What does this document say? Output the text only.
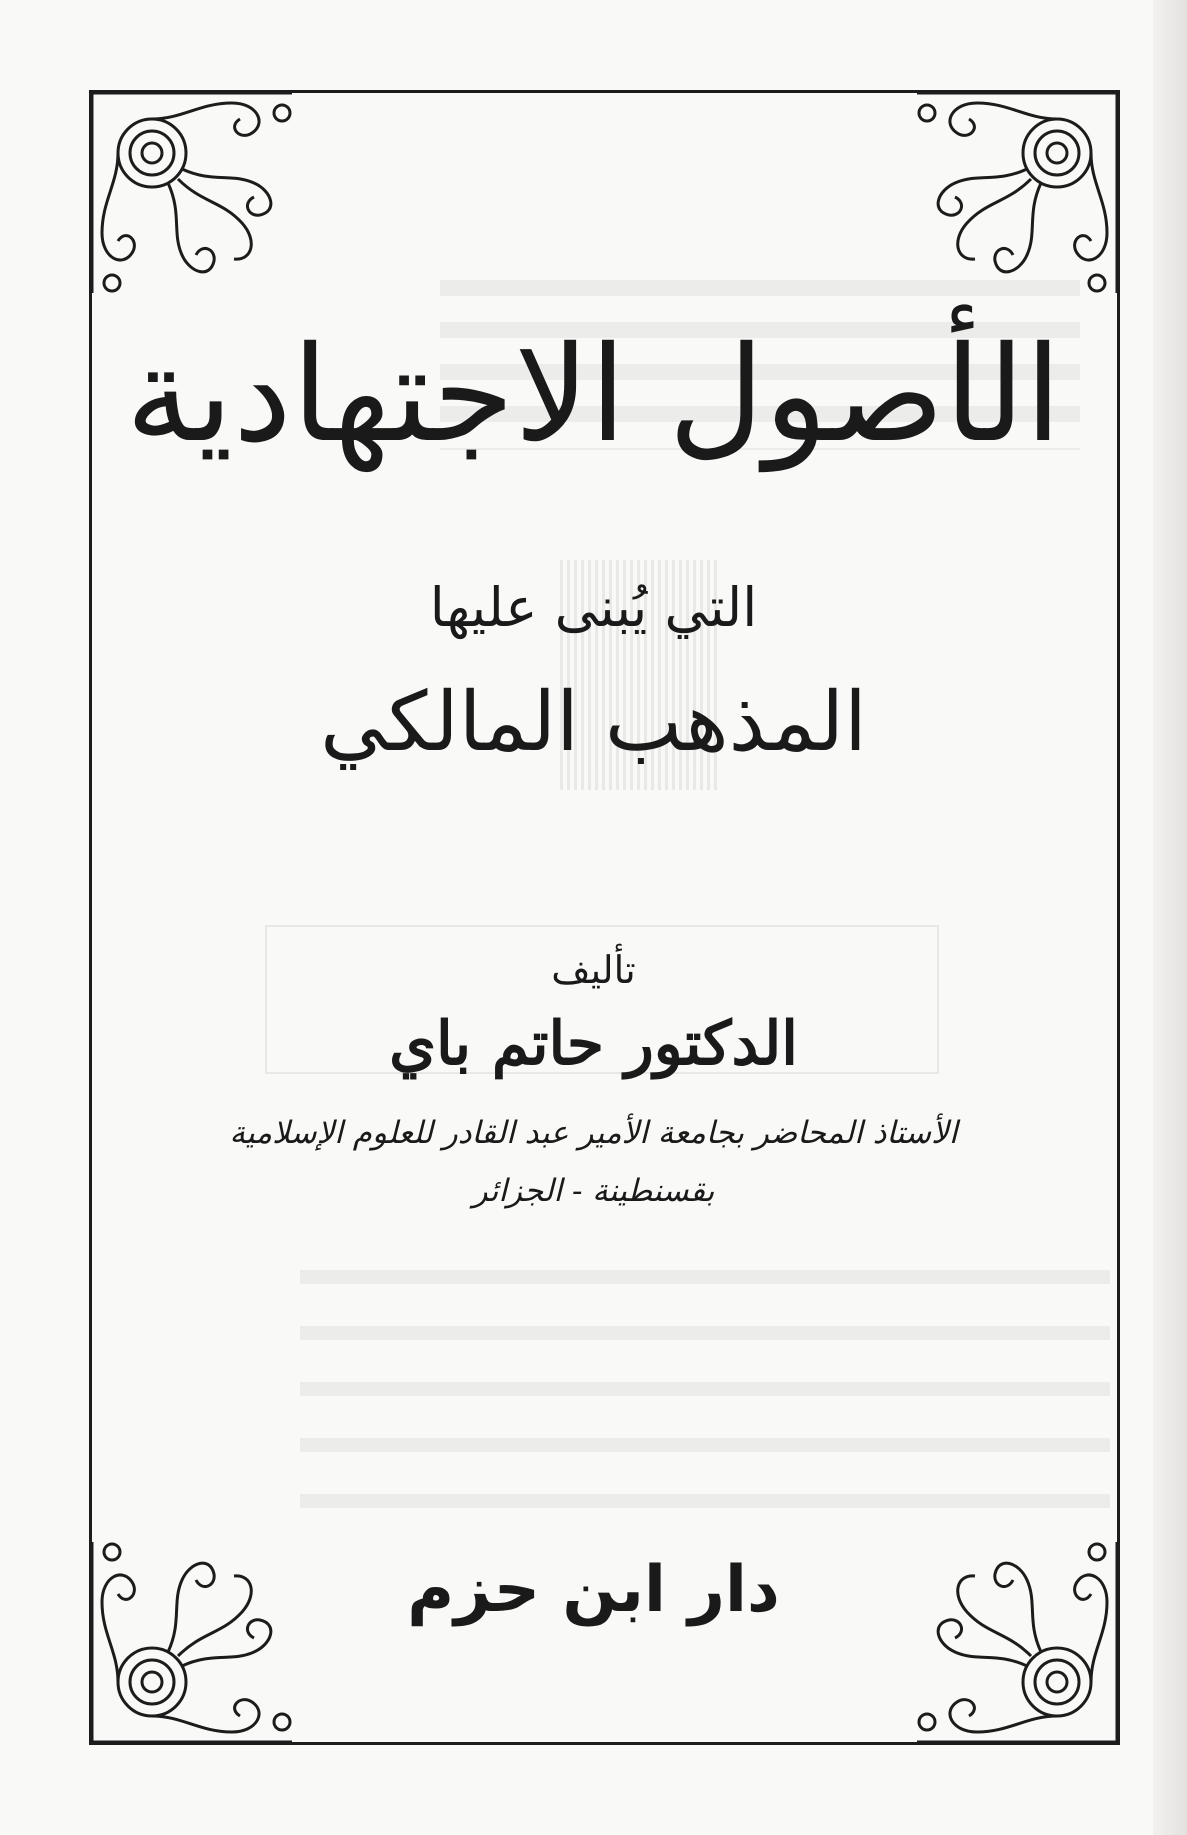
الأصول الاجتهادية
التي يُبنى عليها
المذهب المالكي
تأليف
الدكتور حاتم باي
الأستاذ المحاضر بجامعة الأمير عبد القادر للعلوم الإسلامية
بقسنطينة - الجزائر
دار ابن حزم
